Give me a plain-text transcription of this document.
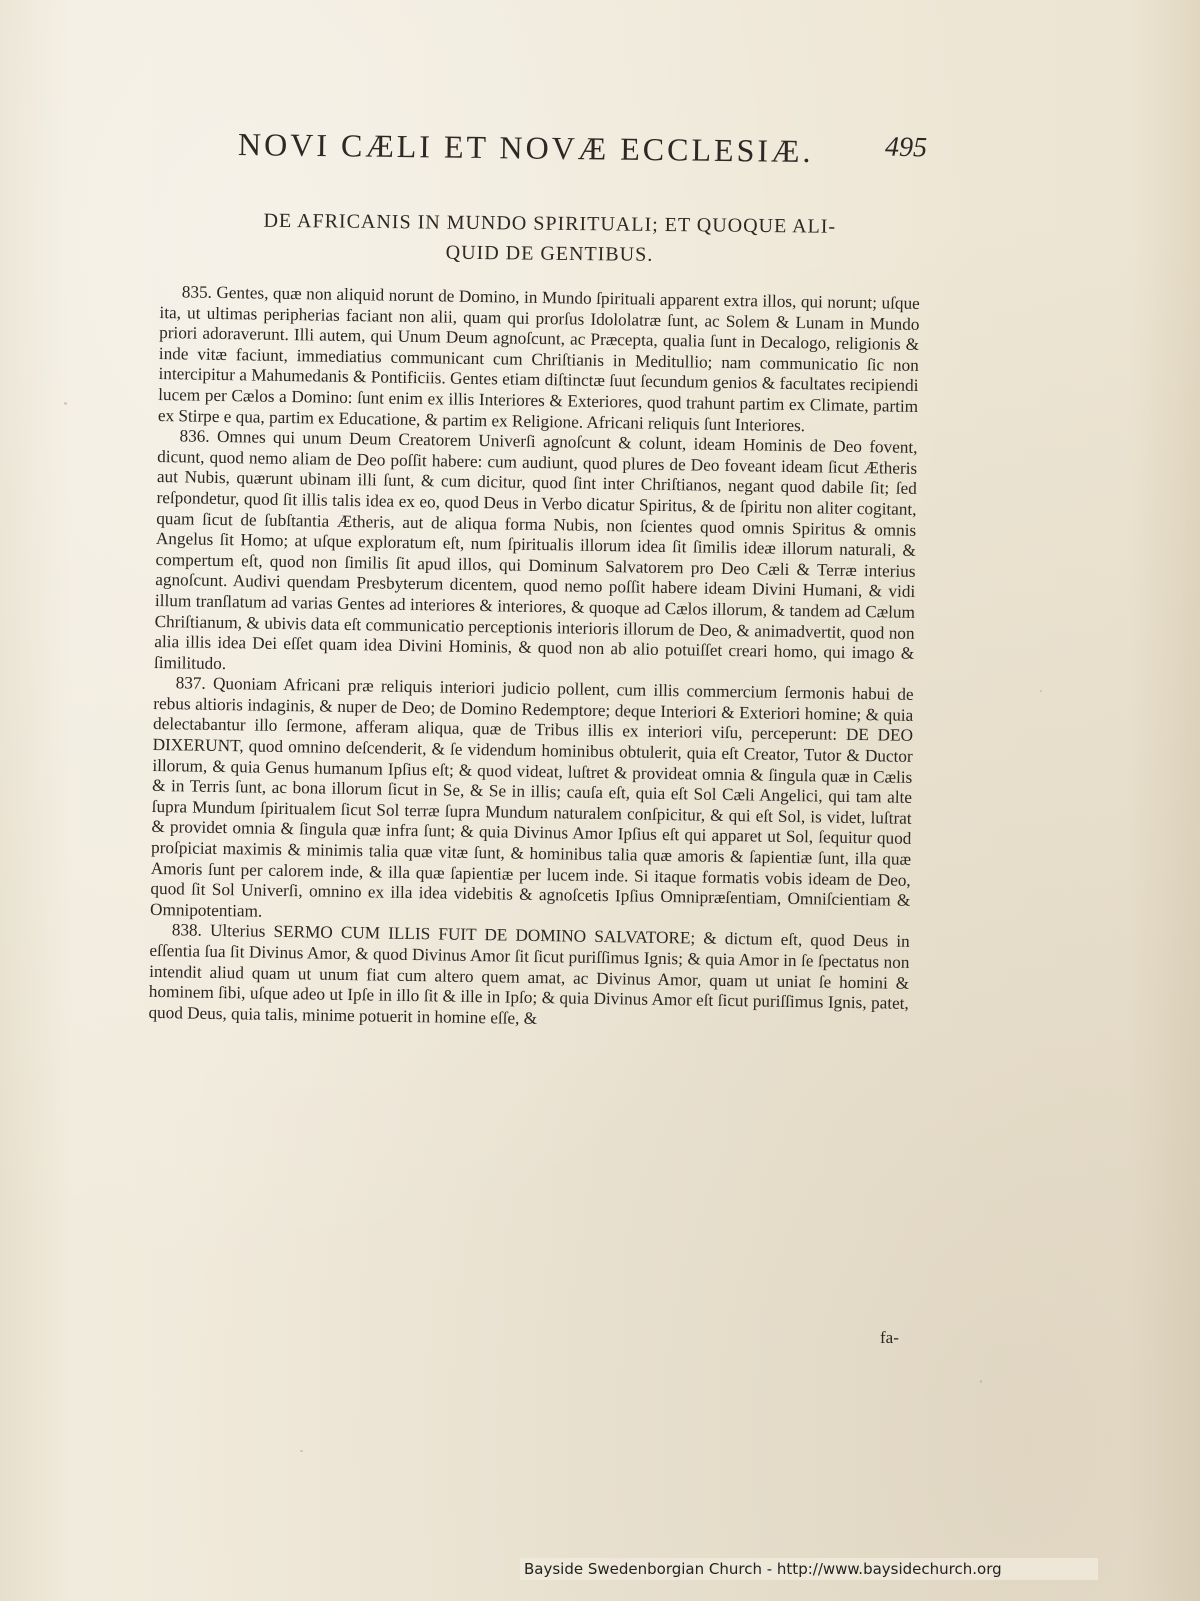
NOVI CÆLI ET NOVÆ ECCLESIÆ.	495
DE AFRICANIS IN MUNDO SPIRITUALI; ET QUOQUE ALI-
QUID DE GENTIBUS.

835. Gentes, quæ non aliquid norunt de Domino, in Mundo ſpirituali apparent extra illos, qui norunt; uſque ita, ut ultimas peripherias faciant non alii, quam qui prorſus Idololatræ ſunt, ac Solem & Lunam in Mundo priori adoraverunt. Illi autem, qui Unum Deum agnoſcunt, ac Præcepta, qualia ſunt in Decalogo, religionis & inde vitæ faciunt, immediatius communicant cum Chriſtianis in Meditullio; nam communicatio ſic non intercipitur a Mahumedanis & Pontificiis. Gentes etiam diſtinctæ ſuut ſecundum genios & facultates recipiendi lucem per Cælos a Domino: ſunt enim ex illis Interiores & Exteriores, quod trahunt partim ex Climate, partim ex Stirpe e qua, partim ex Educatione, & partim ex Religione. Africani reliquis ſunt Interiores.

836. Omnes qui unum Deum Creatorem Univerſi agnoſcunt & colunt, ideam Hominis de Deo fovent, dicunt, quod nemo aliam de Deo poſſit habere: cum audiunt, quod plures de Deo foveant ideam ſicut Ætheris aut Nubis, quærunt ubinam illi ſunt, & cum dicitur, quod ſint inter Chriſtianos, negant quod dabile ſit; ſed reſpondetur, quod ſit illis talis idea ex eo, quod Deus in Verbo dicatur Spiritus, & de ſpiritu non aliter cogitant, quam ſicut de ſubſtantia Ætheris, aut de aliqua forma Nubis, non ſcientes quod omnis Spiritus & omnis Angelus ſit Homo; at uſque exploratum eſt, num ſpiritualis illorum idea ſit ſimilis ideæ illorum naturali, & compertum eſt, quod non ſimilis ſit apud illos, qui Dominum Salvatorem pro Deo Cæli & Terræ interius agnoſcunt. Audivi quendam Presbyterum dicentem, quod nemo poſſit habere ideam Divini Humani, & vidi illum tranſlatum ad varias Gentes ad interiores & interiores, & quoque ad Cælos illorum, & tandem ad Cælum Chriſtianum, & ubivis data eſt communicatio perceptionis interioris illorum de Deo, & animadvertit, quod non alia illis idea Dei eſſet quam idea Divini Hominis, & quod non ab alio potuiſſet creari homo, qui imago & ſimilitudo.

837. Quoniam Africani præ reliquis interiori judicio pollent, cum illis commercium ſermonis habui de rebus altioris indaginis, & nuper de Deo; de Domino Redemptore; deque Interiori & Exteriori homine; & quia delectabantur illo ſermone, afferam aliqua, quæ de Tribus illis ex interiori viſu, perceperunt: DE DEO DIXERUNT, quod omnino deſcenderit, & ſe videndum hominibus obtulerit, quia eſt Creator, Tutor & Ductor illorum, & quia Genus humanum Ipſius eſt; & quod videat, luſtret & provideat omnia & ſingula quæ in Cælis & in Terris ſunt, ac bona illorum ſicut in Se, & Se in illis; cauſa eſt, quia eſt Sol Cæli Angelici, qui tam alte ſupra Mundum ſpiritualem ſicut Sol terræ ſupra Mundum naturalem conſpicitur, & qui eſt Sol, is videt, luſtrat & providet omnia & ſingula quæ infra ſunt; & quia Divinus Amor Ipſius eſt qui apparet ut Sol, ſequitur quod proſpiciat maximis & minimis talia quæ vitæ ſunt, & hominibus talia quæ amoris & ſapientiæ ſunt, illa quæ Amoris ſunt per calorem inde, & illa quæ ſapientiæ per lucem inde. Si itaque formatis vobis ideam de Deo, quod ſit Sol Univerſi, omnino ex illa idea videbitis & agnoſcetis Ipſius Omnipræſentiam, Omniſcientiam & Omnipotentiam.

838. Ulterius SERMO CUM ILLIS FUIT DE DOMINO SALVATORE; & dictum eſt, quod Deus in eſſentia ſua ſit Divinus Amor, & quod Divinus Amor ſit ſicut puriſſimus Ignis; & quia Amor in ſe ſpectatus non intendit aliud quam ut unum fiat cum altero quem amat, ac Divinus Amor, quam ut uniat ſe homini & hominem ſibi, uſque adeo ut Ipſe in illo ſit & ille in Ipſo; & quia Divinus Amor eſt ſicut puriſſimus Ignis, patet, quod Deus, quia talis, minime potuerit in homine eſſe, &

fa-
Bayside Swedenborgian Church - http://www.baysidechurch.org
